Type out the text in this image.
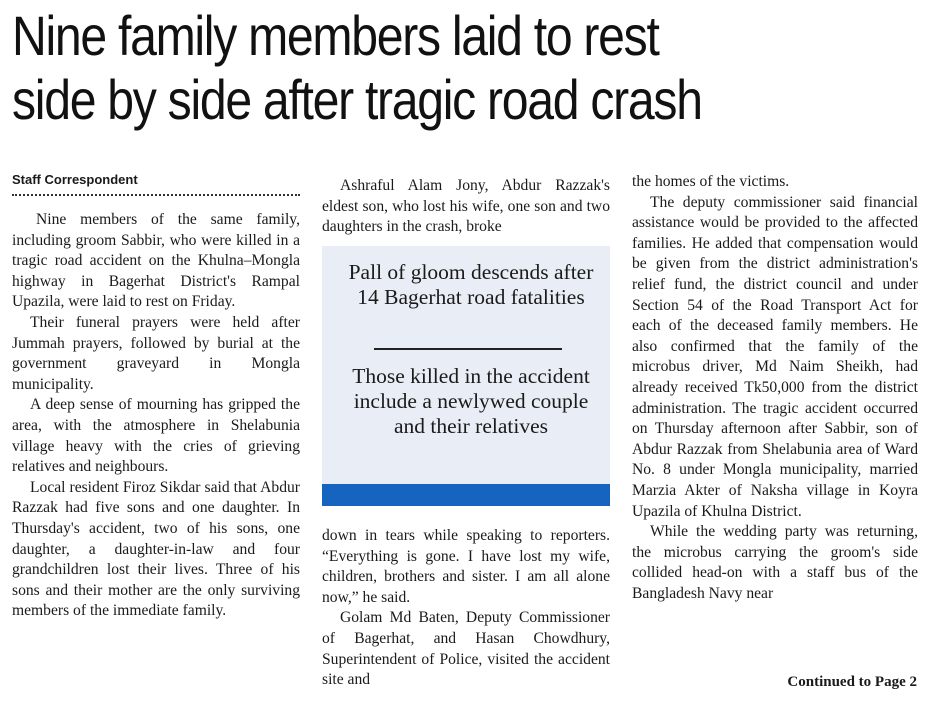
Nine family members laid to rest
side by side after tragic road crash
Staff Correspondent

Nine members of the same family, including groom Sabbir, who were killed in a tragic road accident on the Khulna–Mongla highway in Bagerhat District's Rampal Upazila, were laid to rest on Friday.

Their funeral prayers were held after Jummah prayers, followed by burial at the government graveyard in Mongla municipality.

A deep sense of mourning has gripped the area, with the atmosphere in Shelabunia village heavy with the cries of grieving relatives and neighbours.

Local resident Firoz Sikdar said that Abdur Razzak had five sons and one daughter. In Thursday's accident, two of his sons, one daughter, a daughter-in-law and four grandchildren lost their lives. Three of his sons and their mother are the only surviving members of the immediate family.

Ashraful Alam Jony, Abdur Razzak's eldest son, who lost his wife, one son and two daughters in the crash, broke

Pall of gloom descends after 14 Bagerhat road fatalities
Those killed in the accident include a newlywed couple and their relatives

down in tears while speaking to reporters. “Everything is gone. I have lost my wife, children, brothers and sister. I am all alone now,” he said.

Golam Md Baten, Deputy Commissioner of Bagerhat, and Hasan Chowdhury, Superintendent of Police, visited the accident site and

the homes of the victims.

The deputy commissioner said financial assistance would be provided to the affected families. He added that compensation would be given from the district administration's relief fund, the district council and under Section 54 of the Road Transport Act for each of the deceased family members. He also confirmed that the family of the microbus driver, Md Naim Sheikh, had already received Tk50,000 from the district administration. The tragic accident occurred on Thursday afternoon after Sabbir, son of Abdur Razzak from Shelabunia area of Ward No. 8 under Mongla municipality, married Marzia Akter of Naksha village in Koyra Upazila of Khulna District.

While the wedding party was returning, the microbus carrying the groom's side collided head-on with a staff bus of the Bangladesh Navy near

Continued to Page 2
